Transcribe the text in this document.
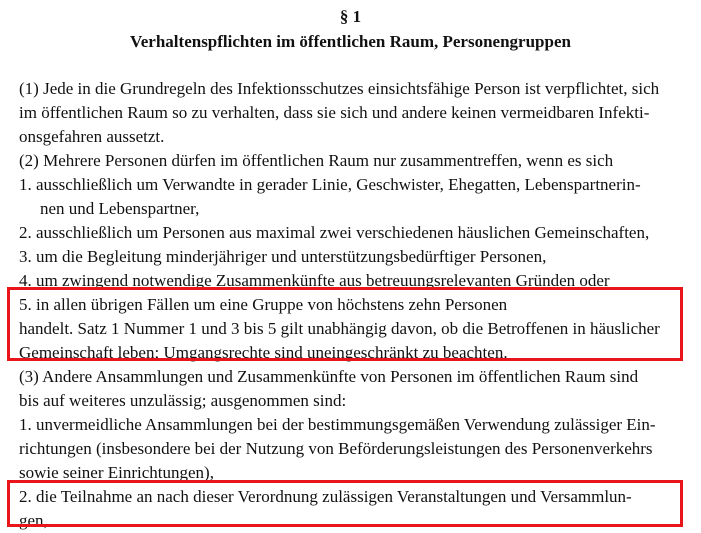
§ 1
Verhaltenspflichten im öffentlichen Raum, Personengruppen
(1) Jede in die Grundregeln des Infektionsschutzes einsichtsfähige Person ist verpflichtet, sich
im öffentlichen Raum so zu verhalten, dass sie sich und andere keinen vermeidbaren Infekti-
onsgefahren aussetzt.
(2) Mehrere Personen dürfen im öffentlichen Raum nur zusammentreffen, wenn es sich
1. ausschließlich um Verwandte in gerader Linie, Geschwister, Ehegatten, Lebenspartnerin-
nen und Lebenspartner,
2. ausschließlich um Personen aus maximal zwei verschiedenen häuslichen Gemeinschaften,
3. um die Begleitung minderjähriger und unterstützungsbedürftiger Personen,
4. um zwingend notwendige Zusammenkünfte aus betreuungsrelevanten Gründen oder
5. in allen übrigen Fällen um eine Gruppe von höchstens zehn Personen
handelt. Satz 1 Nummer 1 und 3 bis 5 gilt unabhängig davon, ob die Betroffenen in häuslicher
Gemeinschaft leben; Umgangsrechte sind uneingeschränkt zu beachten.
(3) Andere Ansammlungen und Zusammenkünfte von Personen im öffentlichen Raum sind
bis auf weiteres unzulässig; ausgenommen sind:
1. unvermeidliche Ansammlungen bei der bestimmungsgemäßen Verwendung zulässiger Ein-
richtungen (insbesondere bei der Nutzung von Beförderungsleistungen des Personenverkehrs
sowie seiner Einrichtungen),
2. die Teilnahme an nach dieser Verordnung zulässigen Veranstaltungen und Versammlun-
gen,
